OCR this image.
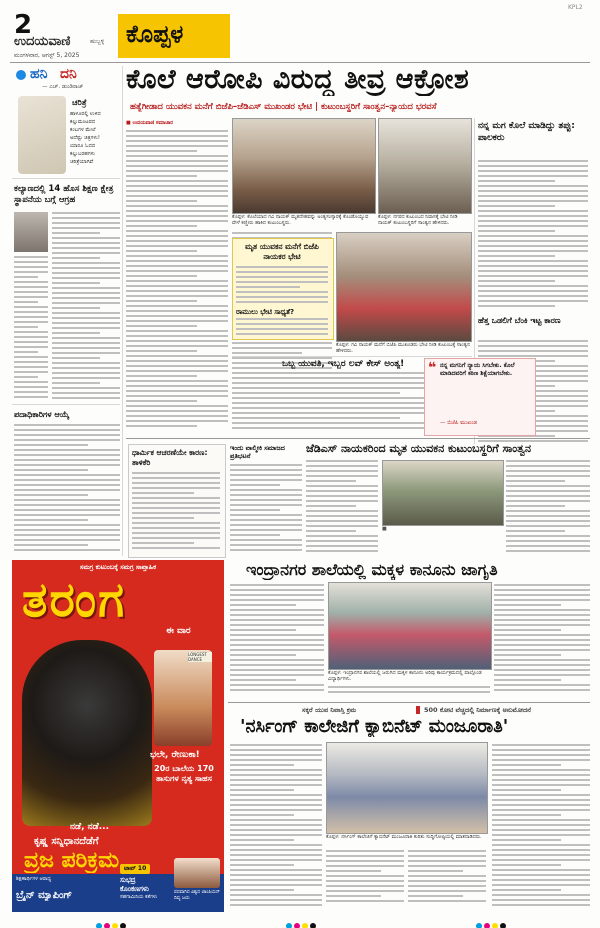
2
ಉದಯವಾಣಿ	ಹುಬ್ಬಳ್ಳಿ
ಮಂಗಳವಾರ, ಆಗಸ್ಟ್ 5, 2025
ಕೊಪ್ಪಳ
KPL2
ಹನಿ ದನಿ
— ಎಚ್. ಡುಂಡಿರಾಜ್
ಚರಿತ್ರೆ
ಹಾಳೂರಲ್ಲಿ ಉಳಿದ
ಕಲ್ಲುಮಂಟಪದ
ಕಂಬಗಳ ಮೇಲೆ
ಅದೆಷ್ಟು ಚಿತ್ರಗಳು!
ಯಾರೂ ಓದದ
ಕಲ್ಲುಬರಹಗಳು
ಚರಿತ್ರೆಯಾಗಿವೆ
ಕಲ್ಯಾಣದಲ್ಲಿ 14 ಹೊಸ ಶಿಕ್ಷಣ ಕ್ಷೇತ್ರ ಸ್ಥಾಪನೆಯ ಬಗ್ಗೆ ಆಗ್ರಹ
ಪದಾಧಿಕಾರಿಗಳ ಆಯ್ಕೆ
ಕೊಲೆ ಆರೋಪಿ ವಿರುದ್ಧ ತೀವ್ರ ಆಕ್ರೋಶ
ಹತ್ಯೆಗೀಡಾದ ಯುವಕನ ಮನೆಗೆ ಬಿಜೆಪಿ–ಜೆಡಿಎಸ್ ಮುಖಂಡರ ಭೇಟಿ | ಕುಟುಂಬಸ್ಥರಿಗೆ ಸಾಂತ್ವನ–ನ್ಯಾಯದ ಭರವಸೆ
ಕೊಪ್ಪಳ: ಕೊಲೆಯಾದ ಗವಿ ನಾಯಕ್ ಮೃತದೇಹವನ್ನು ಅಂತ್ಯಸಂಸ್ಕಾರಕ್ಕೆ ಕೊಂಡೊಯ್ಯುವ ವೇಳೆ ಕಣ್ಣೀರು ಹಾಕಿದ ಕುಟುಂಬಸ್ಥರು.
ಕೊಪ್ಪಳ: ನಗರದ ಕುಟುಂಬದ ನಿವಾಸಕ್ಕೆ ಭೇಟಿ ನೀಡಿ ನಾಯಕ್ ಕುಟುಂಬಸ್ಥರಿಗೆ ಸಾಂತ್ವನ ಹೇಳಿದರು.
■ ಉದಯವಾಣಿ ಸಮಾಚಾರ
ಮೃತ ಯುವಕನ ಮನೆಗೆ ಬಿಜೆಪಿ ನಾಯಕರ ಭೇಟಿ
ರಾಮುಲು ಭೇಟಿ ಸಾಧ್ಯತೆ?
ಕೊಪ್ಪಳ: ಗವಿ ನಾಯಕ್ ಮನೆಗೆ ಬಿಜೆಪಿ ಮುಖಂಡರು ಭೇಟಿ ನೀಡಿ ಕುಟುಂಬಕ್ಕೆ ಸಾಂತ್ವನ ಹೇಳಿದರು.
ನನ್ನ ಮಗ ಕೊಲೆ ಮಾಡಿದ್ದು ತಪ್ಪು: ಪಾಲಕರು
ಹೆತ್ತ ಒಡಲಿಗೆ ಬೆಂಕಿ ಇಟ್ಟ ಕಾರಣ
ಒಬ್ಬ ಯುವತಿ, ಇಬ್ಬರ ಲವ್ ಕೇಸ್ ಅಂತ್ಯ! ❝ ನನ್ನ ಮಗನಿಗೆ ನ್ಯಾಯ ಸಿಗಬೇಕು. ಕೊಲೆ ಮಾಡಿದವರಿಗೆ ಕಠಿಣ ಶಿಕ್ಷೆಯಾಗಬೇಕು.
— ಬಿಜೆಪಿ ಮುಖಂಡ
ಧಾರ್ಮಿಕ ಆಚರಣೆಯೇ ಕಾರಣ: ತಾಳಿಕೆರಿ
ಇಂದು ವಾಲ್ಮೀಕಿ ಸಮಾಜದ ಪ್ರತಿಭಟನೆ
ಜೆಡಿಎಸ್ ನಾಯಕರಿಂದ ಮೃತ ಯುವಕನ ಕುಟುಂಬಸ್ಥರಿಗೆ ಸಾಂತ್ವನ
■
ಸಮಗ್ರ ಕುಟುಂಬಕ್ಕೆ ಸಮಗ್ರ ಸಾಪ್ತಾಹಿಕ
ತರಂಗ
ಈ ವಾರ
LONGEST DANCE
ಭಲೇ, ರೇಣುಕಾ!
20ರ ಬಾಲೆಯ 170 ತಾಸುಗಳ ನೃತ್ಯ ಸಾಹಸ
ನಡೆ, ನಡೆ...
ಕೃಷ್ಣ ಸನ್ನಿಧಾನದೆಡೆಗೆ
ವ್ರಜ ಪರಿಕ್ರಮ
ಶಿಕ್ಷಣಾರ್ಥಿಗಳ ಆರಾಧ್ಯ
ಬ್ರೈನ್ ಮ್ಯಾಪಿಂಗ್
ಟಾಪ್ 10
ಸುಭದ್ರ
ಕೊಂಕಣಗಳು
ಸಹಗಾಮಿನಿಯ ಕತೆಗಳು
ಪದವಾಗಿದ ವಿಶ್ವದ ಚಾಂಪಿಯನ್ ದಿವ್ಯ ಜಯ
ಇಂದ್ರಾನಗರ ಶಾಲೆಯಲ್ಲಿ ಮಕ್ಕಳ ಕಾನೂನು ಜಾಗೃತಿ
ಕೊಪ್ಪಳ: ಇಂದ್ರಾನಗರ ಶಾಲೆಯಲ್ಲಿ ಜರುಗಿದ ಮಕ್ಕಳ ಕಾನೂನು ಅರಿವು ಕಾರ್ಯಕ್ರಮದಲ್ಲಿ ಪಾಲ್ಗೊಂಡ ವಿದ್ಯಾರ್ಥಿಗಳು.
ಸಕ್ಕರೆ ಯುವ ನಿವಾಸ್ತಿ ಕ್ರಮ	500 ಕೋಟಿ ವೆಚ್ಚದಲ್ಲಿ ನಿರ್ಮಾಣಕ್ಕೆ ಅನುಮೋದನೆ
'ನರ್ಸಿಂಗ್ ಕಾಲೇಜಿಗೆ ಕ್ಯಾಬಿನೆಟ್ ಮಂಜೂರಾತಿ'
ಕೊಪ್ಪಳ: ನರ್ಸಿಂಗ್ ಕಾಲೇಜಿಗೆ ಕ್ಯಾಬಿನೆಟ್ ಮಂಜೂರಾತಿ ಕುರಿತು ಸುದ್ದಿಗೋಷ್ಠಿಯಲ್ಲಿ ಮಾತನಾಡಿದರು.
